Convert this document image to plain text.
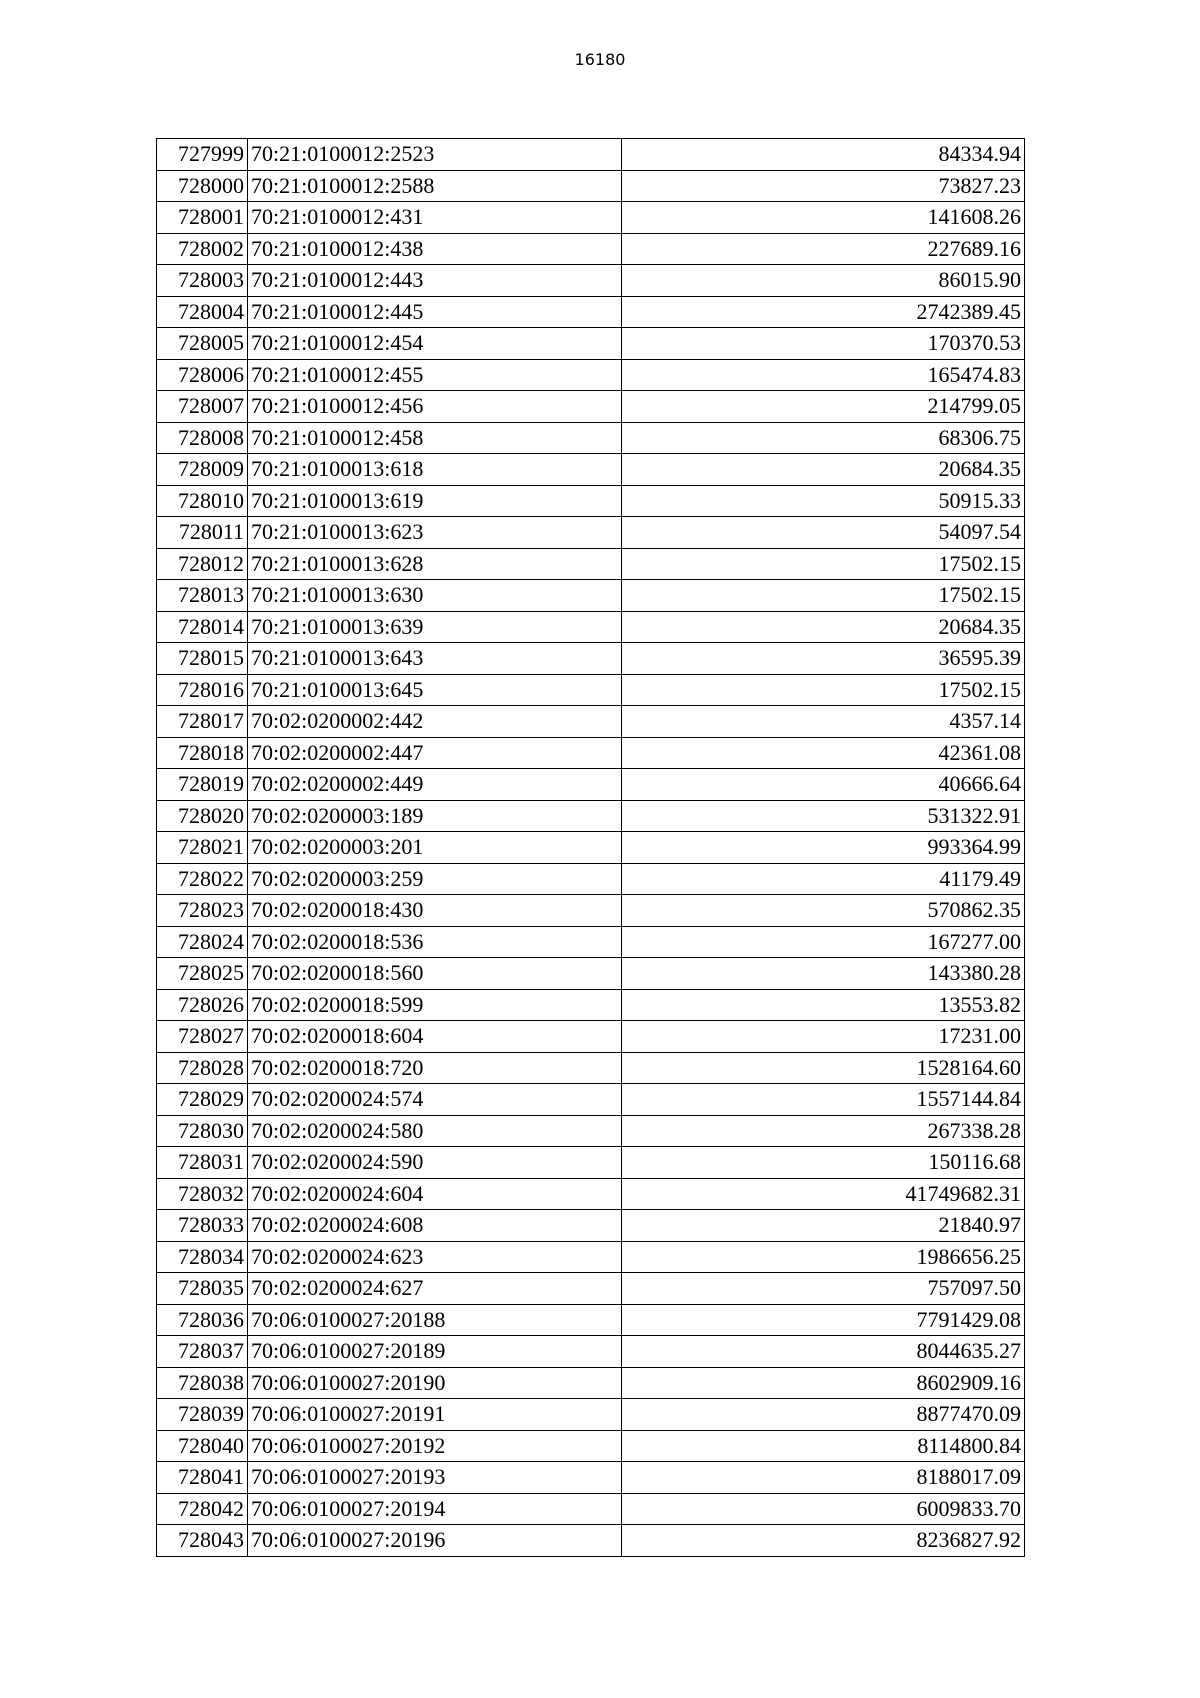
16180
727999	70:21:0100012:2523	84334.94
728000	70:21:0100012:2588	73827.23
728001	70:21:0100012:431	141608.26
728002	70:21:0100012:438	227689.16
728003	70:21:0100012:443	86015.90
728004	70:21:0100012:445	2742389.45
728005	70:21:0100012:454	170370.53
728006	70:21:0100012:455	165474.83
728007	70:21:0100012:456	214799.05
728008	70:21:0100012:458	68306.75
728009	70:21:0100013:618	20684.35
728010	70:21:0100013:619	50915.33
728011	70:21:0100013:623	54097.54
728012	70:21:0100013:628	17502.15
728013	70:21:0100013:630	17502.15
728014	70:21:0100013:639	20684.35
728015	70:21:0100013:643	36595.39
728016	70:21:0100013:645	17502.15
728017	70:02:0200002:442	4357.14
728018	70:02:0200002:447	42361.08
728019	70:02:0200002:449	40666.64
728020	70:02:0200003:189	531322.91
728021	70:02:0200003:201	993364.99
728022	70:02:0200003:259	41179.49
728023	70:02:0200018:430	570862.35
728024	70:02:0200018:536	167277.00
728025	70:02:0200018:560	143380.28
728026	70:02:0200018:599	13553.82
728027	70:02:0200018:604	17231.00
728028	70:02:0200018:720	1528164.60
728029	70:02:0200024:574	1557144.84
728030	70:02:0200024:580	267338.28
728031	70:02:0200024:590	150116.68
728032	70:02:0200024:604	41749682.31
728033	70:02:0200024:608	21840.97
728034	70:02:0200024:623	1986656.25
728035	70:02:0200024:627	757097.50
728036	70:06:0100027:20188	7791429.08
728037	70:06:0100027:20189	8044635.27
728038	70:06:0100027:20190	8602909.16
728039	70:06:0100027:20191	8877470.09
728040	70:06:0100027:20192	8114800.84
728041	70:06:0100027:20193	8188017.09
728042	70:06:0100027:20194	6009833.70
728043	70:06:0100027:20196	8236827.92
